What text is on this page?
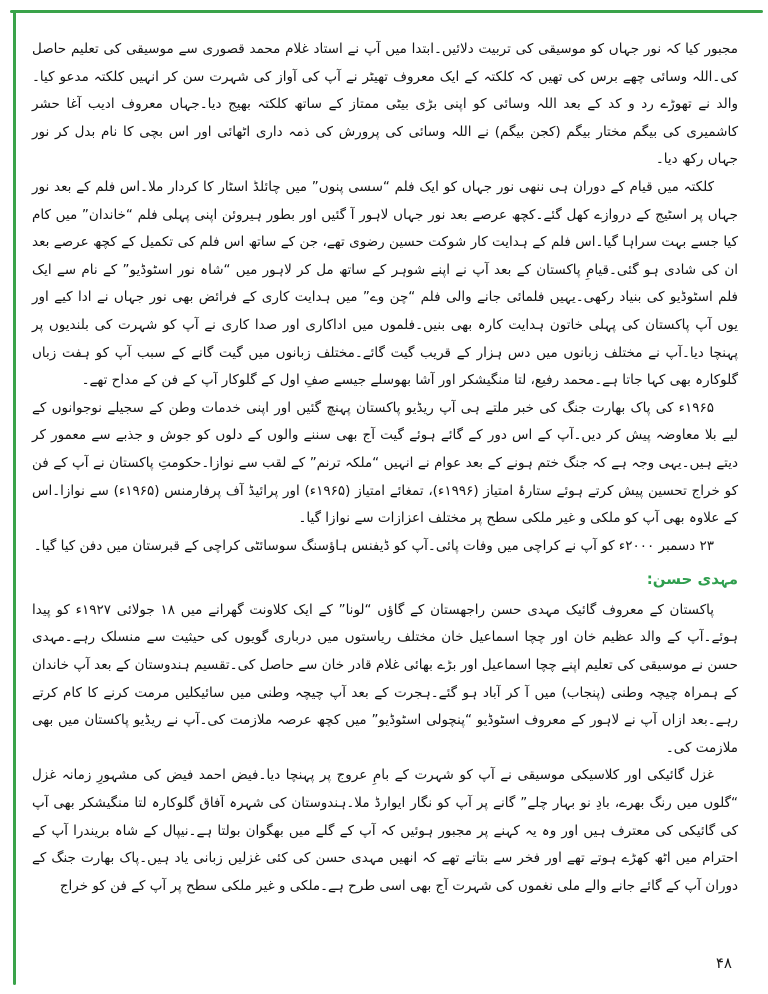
مجبور کیا کہ نور جہاں کو موسیقی کی تربیت دلائیں۔ابتدا میں آپ نے استاد غلام محمد قصوری سے موسیقی کی تعلیم حاصل کی۔اللہ وسائی چھے برس کی تھیں کہ کلکتہ کے ایک معروف تھیٹر نے آپ کی آواز کی شہرت سن کر انہیں کلکتہ مدعو کیا۔والد نے تھوڑے رد و کد کے بعد اللہ وسائی کو اپنی بڑی بیٹی ممتاز کے ساتھ کلکتہ بھیج دیا۔جہاں معروف ادیب آغا حشر کاشمیری کی بیگم مختار بیگم (کجن بیگم) نے اللہ وسائی کی پرورش کی ذمہ داری اٹھائی اور اس بچی کا نام بدل کر نور جہاں رکھ دیا۔

کلکتہ میں قیام کے دوران ہی ننھی نور جہاں کو ایک فلم “سسی پنوں” میں چائلڈ اسٹار کا کردار ملا۔اس فلم کے بعد نور جہاں پر اسٹیج کے دروازے کھل گئے۔کچھ عرصے بعد نور جہاں لاہور آ گئیں اور بطور ہیروئن اپنی پہلی فلم “خاندان” میں کام کیا جسے بہت سراہا گیا۔اس فلم کے ہدایت کار شوکت حسین رضوی تھے، جن کے ساتھ اس فلم کی تکمیل کے کچھ عرصے بعد ان کی شادی ہو گئی۔قیامِ پاکستان کے بعد آپ نے اپنے شوہر کے ساتھ مل کر لاہور میں “شاہ نور اسٹوڈیو” کے نام سے ایک فلم اسٹوڈیو کی بنیاد رکھی۔یہیں فلمائی جانے والی فلم “چن وے” میں ہدایت کاری کے فرائض بھی نور جہاں نے ادا کیے اور یوں آپ پاکستان کی پہلی خاتون ہدایت کارہ بھی بنیں۔فلموں میں اداکاری اور صدا کاری نے آپ کو شہرت کی بلندیوں پر پہنچا دیا۔آپ نے مختلف زبانوں میں دس ہزار کے قریب گیت گائے۔مختلف زبانوں میں گیت گانے کے سبب آپ کو ہفت زباں گلوکارہ بھی کہا جاتا ہے۔محمد رفیع، لتا منگیشکر اور آشا بھوسلے جیسے صفِ اول کے گلوکار آپ کے فن کے مداح تھے۔

۱۹۶۵ء کی پاک بھارت جنگ کی خبر ملتے ہی آپ ریڈیو پاکستان پہنچ گئیں اور اپنی خدمات وطن کے سجیلے نوجوانوں کے لیے بلا معاوضہ پیش کر دیں۔آپ کے اس دور کے گائے ہوئے گیت آج بھی سننے والوں کے دلوں کو جوش و جذبے سے معمور کر دیتے ہیں۔یہی وجہ ہے کہ جنگ ختم ہونے کے بعد عوام نے انہیں “ملکہ ترنم” کے لقب سے نوازا۔حکومتِ پاکستان نے آپ کے فن کو خراج تحسین پیش کرتے ہوئے ستارۂ امتیاز (۱۹۹۶ء)، تمغائے امتیاز (۱۹۶۵ء) اور پرائیڈ آف پرفارمنس (۱۹۶۵ء) سے نوازا۔اس کے علاوہ بھی آپ کو ملکی و غیر ملکی سطح پر مختلف اعزازات سے نوازا گیا۔

۲۳ دسمبر ۲۰۰۰ء کو آپ نے کراچی میں وفات پائی۔آپ کو ڈیفنس ہاؤسنگ سوسائٹی کراچی کے قبرستان میں دفن کیا گیا۔

مہدی حسن:

پاکستان کے معروف گائیک مہدی حسن راجھستان کے گاؤں “لونا” کے ایک کلاونت گھرانے میں ۱۸ جولائی ۱۹۲۷ء کو پیدا ہوئے۔آپ کے والد عظیم خان اور چچا اسماعیل خان مختلف ریاستوں میں درباری گویوں کی حیثیت سے منسلک رہے۔مہدی حسن نے موسیقی کی تعلیم اپنے چچا اسماعیل اور بڑے بھائی غلام قادر خان سے حاصل کی۔تقسیم ہندوستان کے بعد آپ خاندان کے ہمراہ چیچہ وطنی (پنجاب) میں آ کر آباد ہو گئے۔ہجرت کے بعد آپ چیچہ وطنی میں سائیکلیں مرمت کرنے کا کام کرتے رہے۔بعد ازاں آپ نے لاہور کے معروف اسٹوڈیو “پنچولی اسٹوڈیو” میں کچھ عرصہ ملازمت کی۔آپ نے ریڈیو پاکستان میں بھی ملازمت کی۔

غزل گائیکی اور کلاسیکی موسیقی نے آپ کو شہرت کے بامِ عروج پر پہنچا دیا۔فیض احمد فیض کی مشہورِ زمانہ غزل “گلوں میں رنگ بھرے، بادِ نو بہار چلے” گانے پر آپ کو نگار ایوارڈ ملا۔ہندوستان کی شہرہ آفاق گلوکارہ لتا منگیشکر بھی آپ کی گائیکی کی معترف ہیں اور وہ یہ کہنے پر مجبور ہوئیں کہ آپ کے گلے میں بھگوان بولتا ہے۔نیپال کے شاہ بریندرا آپ کے احترام میں اٹھ کھڑے ہوتے تھے اور فخر سے بتاتے تھے کہ انھیں مہدی حسن کی کئی غزلیں زبانی یاد ہیں۔پاک بھارت جنگ کے دوران آپ کے گائے جانے والے ملی نغموں کی شہرت آج بھی اسی طرح ہے۔ملکی و غیر ملکی سطح پر آپ کے فن کو خراج

۴۸
